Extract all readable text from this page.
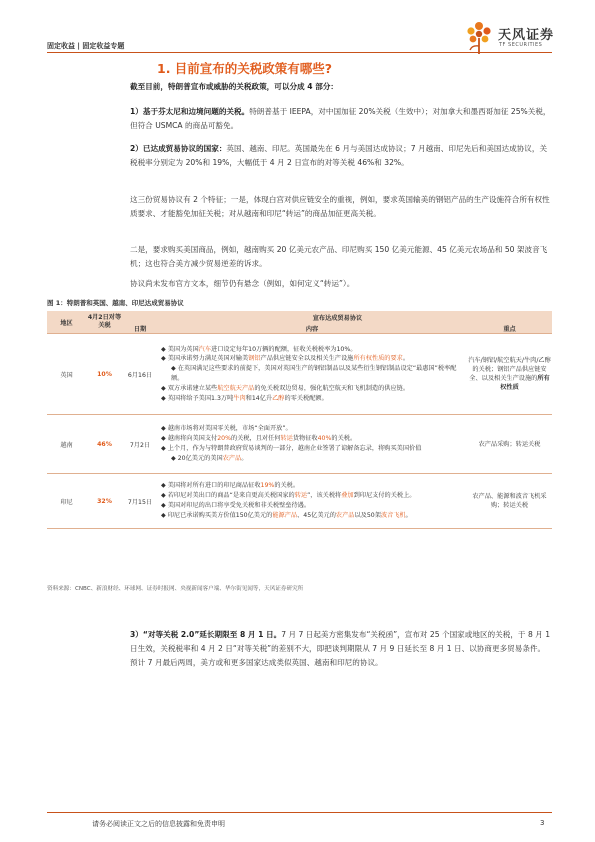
固定收益 | 固定收益专题
天风证券
TF SECURITIES
1. 目前宣布的关税政策有哪些?
截至目前，特朗普宣布或威胁的关税政策，可以分成 4 部分：
1）基于芬太尼和边境问题的关税。特朗普基于 IEEPA，对中国加征 20%关税（生效中）；对加拿大和墨西哥加征 25%关税，但符合 USMCA 的商品可豁免。
2）已达成贸易协议的国家：英国、越南、印尼。英国最先在 6 月与美国达成协议；7 月越南、印尼先后和美国达成协议，关税税率分别定为 20%和 19%，大幅低于 4 月 2 日宣布的对等关税 46%和 32%。
这三份贸易协议有 2 个特征；一是，体现白宫对供应链安全的重视，例如，要求英国输美的钢铝产品的生产设施符合所有权性质要求、才能豁免加征关税；对从越南和印尼“转运”的商品加征更高关税。
二是，要求购买美国商品，例如，越南购买 20 亿美元农产品、印尼购买 150 亿美元能源、45 亿美元农场品和 50 架波音飞机；这也符合美方减少贸易逆差的诉求。
协议尚未发布官方文本，细节仍有悬念（例如，如何定义“转运”）。
图 1：特朗普和英国、越南、印尼达成贸易协议
地区	4月2日对等关税	宣布达成贸易协议		
		日期	内容	重点
英国	10%	6月16日	◆ 美国为英国汽车进口设定每年10万辆的配额，征收关税税率为10%。
◆ 美国承诺努力满足英国对输美钢铝产品供应链安全以及相关生产设施所有权性质的要求。
◆ 在英国满足这些要求的前提下，美国对英国生产的钢铝制品以及某些衍生钢铝制品设定“最惠国”税率配额。
◆ 双方承诺建立某些航空航天产品的免关税双边贸易，强化航空航天和飞机制造的供应链。
◆ 英国将给予美国1.3万吨牛肉和14亿升乙醇的零关税配额。	汽车/钢铝/航空航天/牛肉/乙醇的关税；钢铝产品供应链安全、以及相关生产设施的所有权性质
越南	46%	7月2日	◆ 越南市场将对美国零关税，市场“全面开放”。
◆ 越南将向美国支付20%的关税，且对任何转运货物征收40%的关税。
◆ 上个月，作为与特朗普政府贸易谈判的一部分，越南企业签署了谅解备忘录，将购买美国价值
◆ 20亿美元的美国农产品。	农产品采购；转运关税
印尼	32%	7月15日	◆ 美国将对所有进口的印尼商品征收19%的关税。
◆ 若印尼对美出口的商品“是来自更高关税国家的转运”，该关税将叠加到印尼支付的关税上。
◆ 美国对印尼的出口将享受免关税和非关税壁垒待遇。
◆ 印尼已承诺购买美方价值150亿美元的能源产品、45亿美元的农产品以及50架波音飞机。	农产品、能源和波音飞机采购；转运关税
资料来源：CNBC、新浪财经、环球网、证券时报网、央视新闻客户端、华尔街见闻等，天风证券研究所
3）“对等关税 2.0”延长期限至 8 月 1 日。7 月 7 日起美方密集发布“关税函”，宣布对 25 个国家或地区的关税，于 8 月 1 日生效，关税税率和 4 月 2 日“对等关税”的差别不大，即把谈判期限从 7 月 9 日延长至 8 月 1 日、以协商更多贸易条件。预计 7 月最后两周，美方或和更多国家达成类似英国、越南和印尼的协议。
请务必阅读正文之后的信息披露和免责申明	3
